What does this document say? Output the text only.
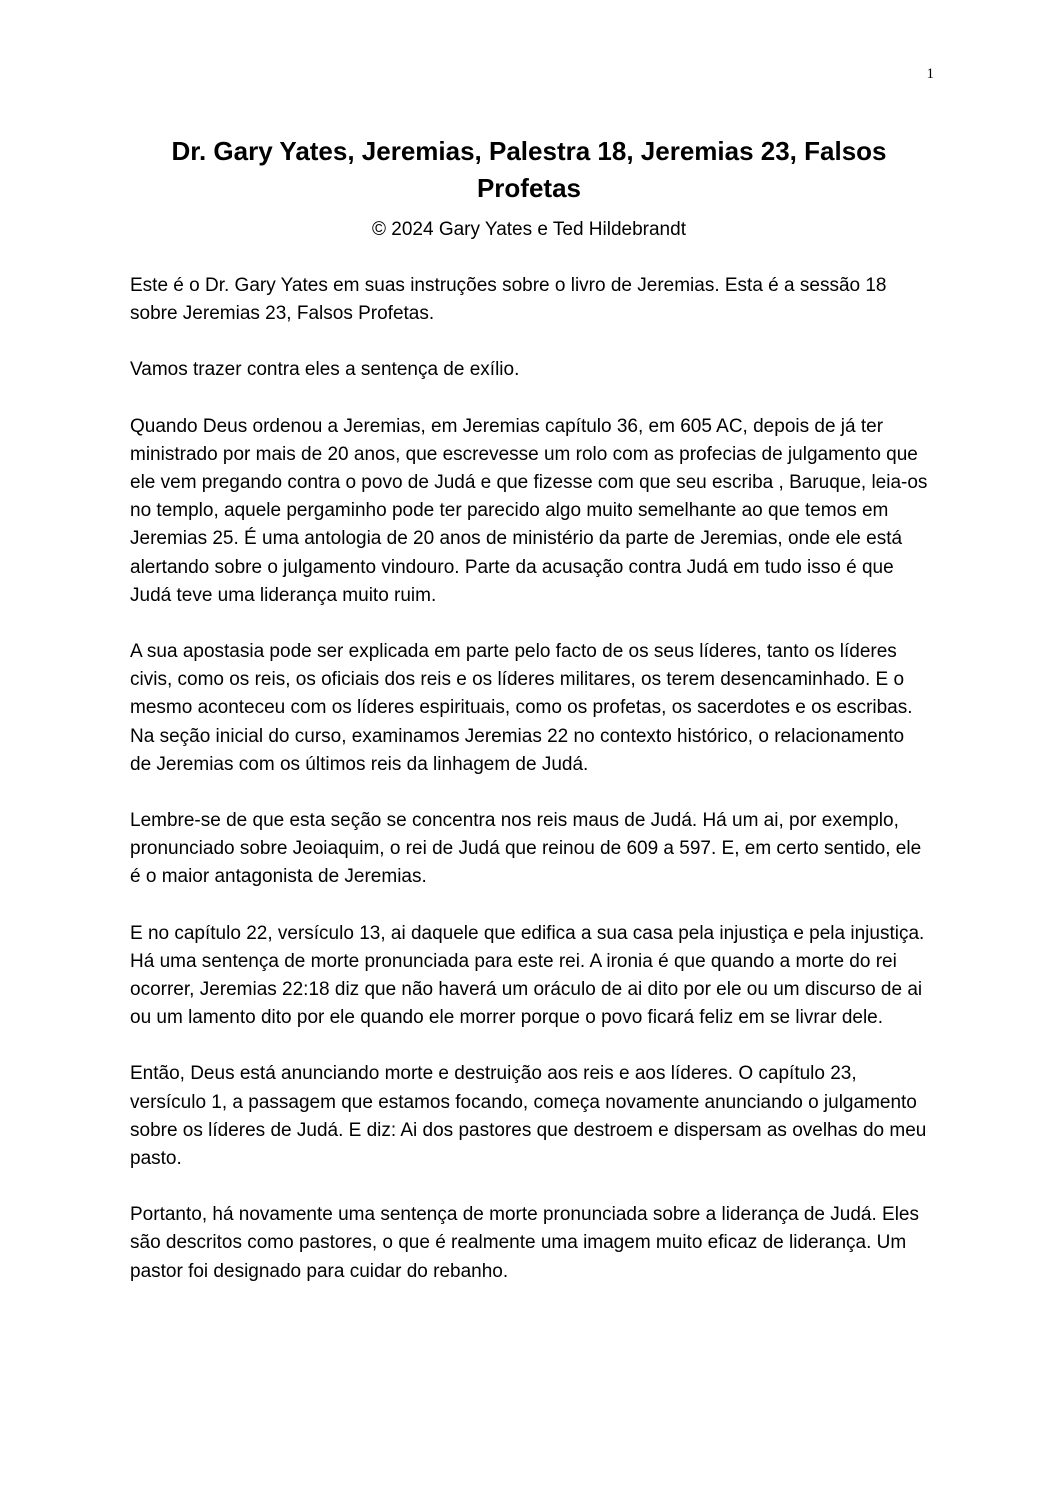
1
Dr. Gary Yates, Jeremias, Palestra 18, Jeremias 23, Falsos Profetas

© 2024 Gary Yates e Ted Hildebrandt

Este é o Dr. Gary Yates em suas instruções sobre o livro de Jeremias. Esta é a sessão 18 sobre Jeremias 23, Falsos Profetas.

Vamos trazer contra eles a sentença de exílio.

Quando Deus ordenou a Jeremias, em Jeremias capítulo 36, em 605 AC, depois de já ter ministrado por mais de 20 anos, que escrevesse um rolo com as profecias de julgamento que ele vem pregando contra o povo de Judá e que fizesse com que seu escriba , Baruque, leia-os no templo, aquele pergaminho pode ter parecido algo muito semelhante ao que temos em Jeremias 25. É uma antologia de 20 anos de ministério da parte de Jeremias, onde ele está alertando sobre o julgamento vindouro. Parte da acusação contra Judá em tudo isso é que Judá teve uma liderança muito ruim.

A sua apostasia pode ser explicada em parte pelo facto de os seus líderes, tanto os líderes civis, como os reis, os oficiais dos reis e os líderes militares, os terem desencaminhado. E o mesmo aconteceu com os líderes espirituais, como os profetas, os sacerdotes e os escribas. Na seção inicial do curso, examinamos Jeremias 22 no contexto histórico, o relacionamento de Jeremias com os últimos reis da linhagem de Judá.

Lembre-se de que esta seção se concentra nos reis maus de Judá. Há um ai, por exemplo, pronunciado sobre Jeoiaquim, o rei de Judá que reinou de 609 a 597. E, em certo sentido, ele é o maior antagonista de Jeremias.

E no capítulo 22, versículo 13, ai daquele que edifica a sua casa pela injustiça e pela injustiça. Há uma sentença de morte pronunciada para este rei. A ironia é que quando a morte do rei ocorrer, Jeremias 22:18 diz que não haverá um oráculo de ai dito por ele ou um discurso de ai ou um lamento dito por ele quando ele morrer porque o povo ficará feliz em se livrar dele.

Então, Deus está anunciando morte e destruição aos reis e aos líderes. O capítulo 23, versículo 1, a passagem que estamos focando, começa novamente anunciando o julgamento sobre os líderes de Judá. E diz: Ai dos pastores que destroem e dispersam as ovelhas do meu pasto.

Portanto, há novamente uma sentença de morte pronunciada sobre a liderança de Judá. Eles são descritos como pastores, o que é realmente uma imagem muito eficaz de liderança. Um pastor foi designado para cuidar do rebanho.
